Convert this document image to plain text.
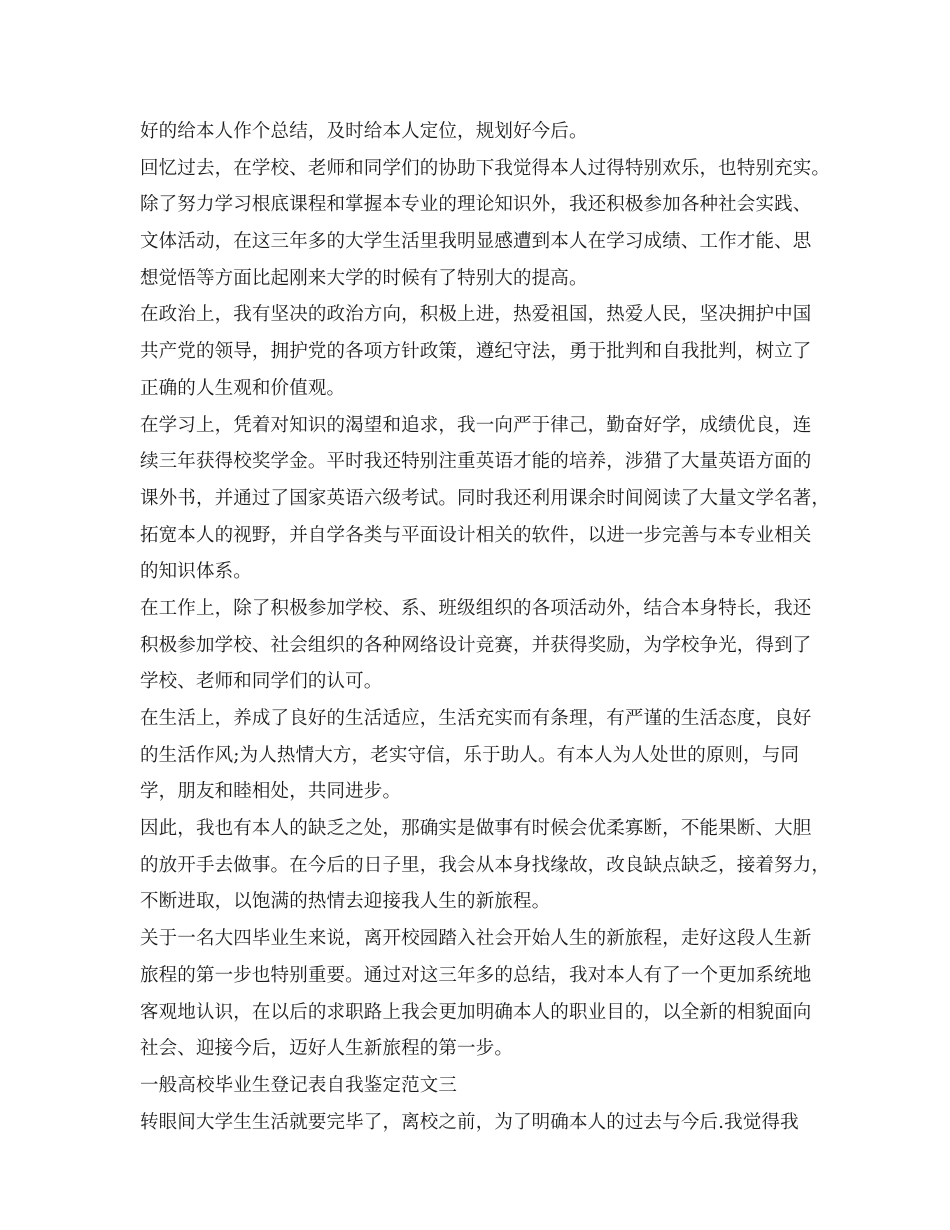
好的给本人作个总结，及时给本人定位，规划好今后。
回忆过去，在学校、老师和同学们的协助下我觉得本人过得特别欢乐，也特别充实。
除了努力学习根底课程和掌握本专业的理论知识外，我还积极参加各种社会实践、
文体活动，在这三年多的大学生活里我明显感遭到本人在学习成绩、工作才能、思
想觉悟等方面比起刚来大学的时候有了特别大的提高。
在政治上，我有坚决的政治方向，积极上进，热爱祖国，热爱人民，坚决拥护中国
共产党的领导，拥护党的各项方针政策，遵纪守法，勇于批判和自我批判，树立了
正确的人生观和价值观。
在学习上，凭着对知识的渴望和追求，我一向严于律己，勤奋好学，成绩优良，连
续三年获得校奖学金。平时我还特别注重英语才能的培养，涉猎了大量英语方面的
课外书，并通过了国家英语六级考试。同时我还利用课余时间阅读了大量文学名著，
拓宽本人的视野，并自学各类与平面设计相关的软件，以进一步完善与本专业相关
的知识体系。
在工作上，除了积极参加学校、系、班级组织的各项活动外，结合本身特长，我还
积极参加学校、社会组织的各种网络设计竞赛，并获得奖励，为学校争光，得到了
学校、老师和同学们的认可。
在生活上，养成了良好的生活适应，生活充实而有条理，有严谨的生活态度，良好
的生活作风;为人热情大方，老实守信，乐于助人。有本人为人处世的原则，与同
学，朋友和睦相处，共同进步。
因此，我也有本人的缺乏之处，那确实是做事有时候会优柔寡断，不能果断、大胆
的放开手去做事。在今后的日子里，我会从本身找缘故，改良缺点缺乏，接着努力，
不断进取，以饱满的热情去迎接我人生的新旅程。
关于一名大四毕业生来说，离开校园踏入社会开始人生的新旅程，走好这段人生新
旅程的第一步也特别重要。通过对这三年多的总结，我对本人有了一个更加系统地
客观地认识，在以后的求职路上我会更加明确本人的职业目的，以全新的相貌面向
社会、迎接今后，迈好人生新旅程的第一步。
一般高校毕业生登记表自我鉴定范文三
转眼间大学生生活就要完毕了，离校之前，为了明确本人的过去与今后.我觉得我
